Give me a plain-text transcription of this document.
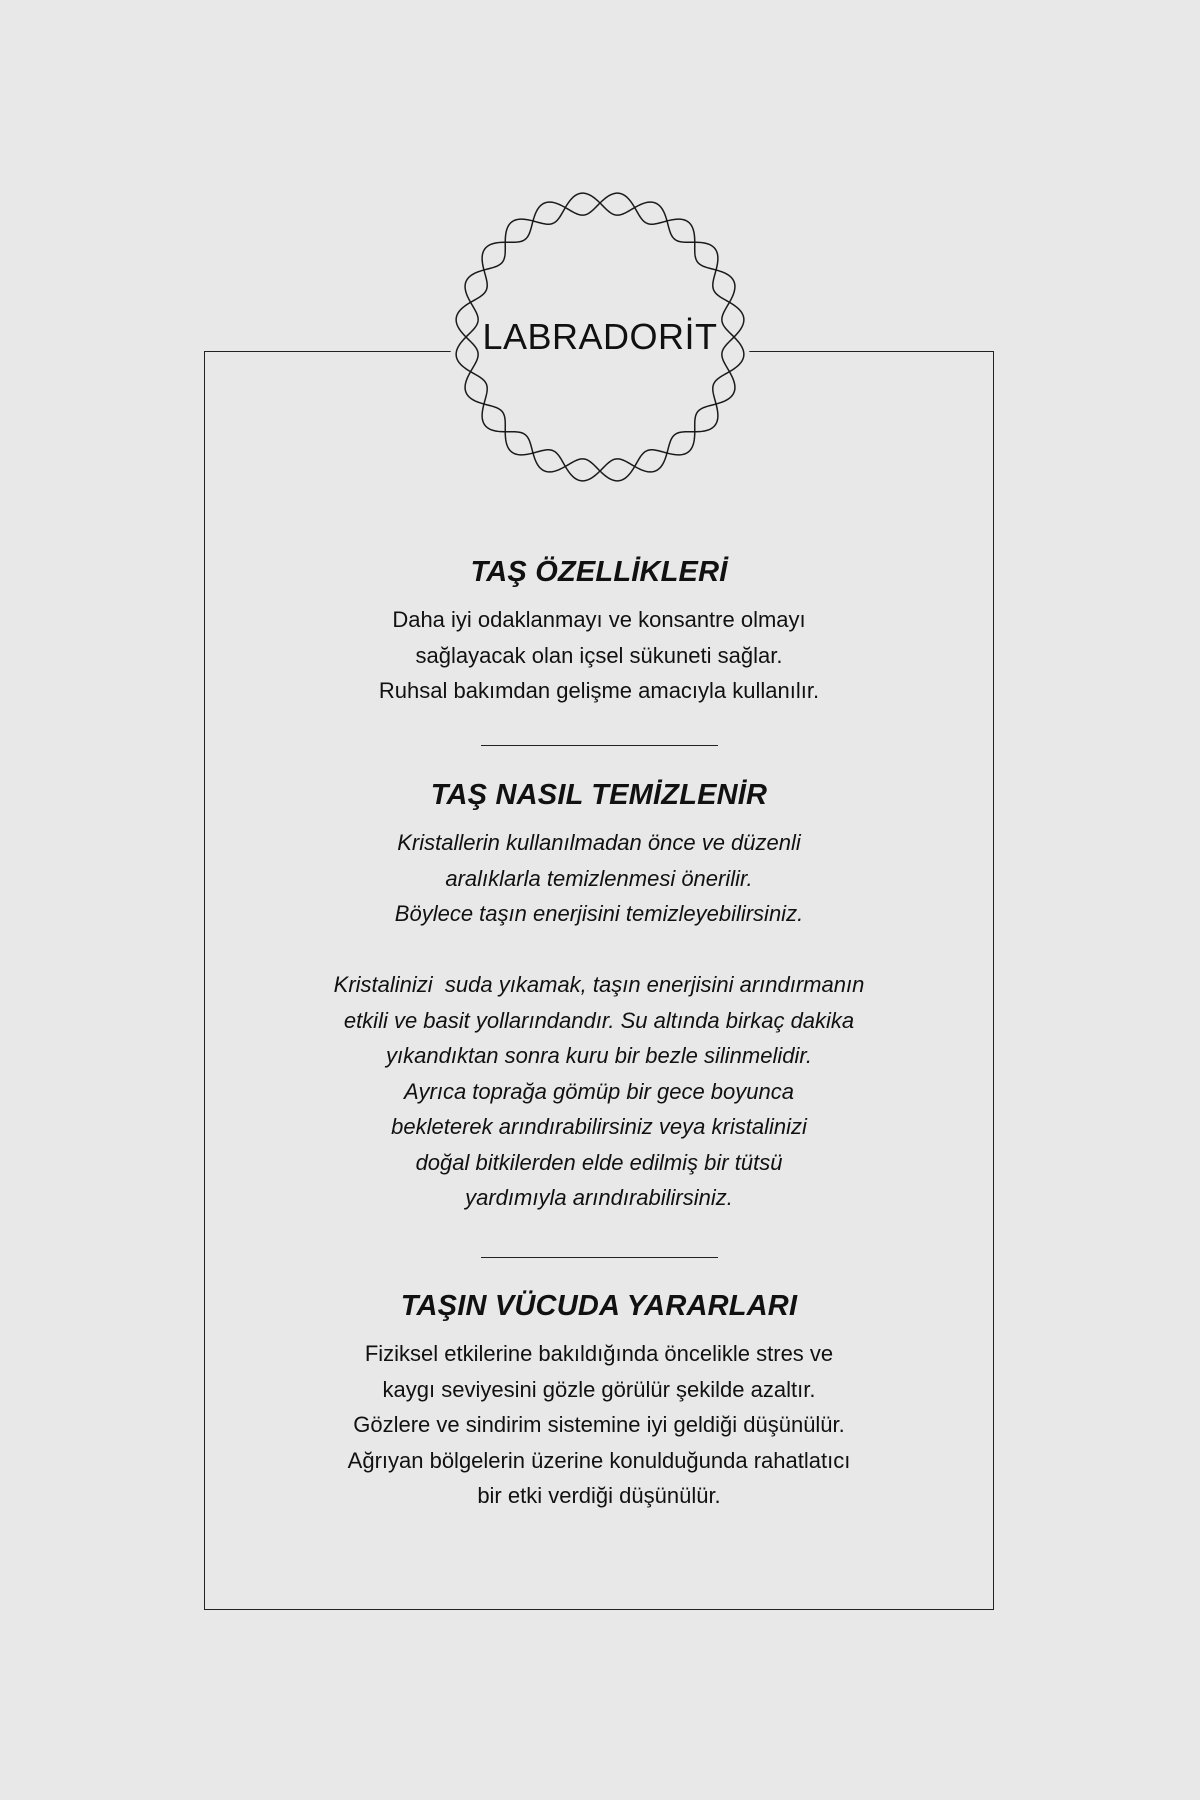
LABRADORİT
TAŞ ÖZELLİKLERİ

Daha iyi odaklanmayı ve konsantre olmayı
sağlayacak olan içsel sükuneti sağlar.
Ruhsal bakımdan gelişme amacıyla kullanılır.

TAŞ NASIL TEMİZLENİR

Kristallerin kullanılmadan önce ve düzenli
aralıklarla temizlenmesi önerilir.
Böylece taşın enerjisini temizleyebilirsiniz.
Kristalinizi  suda yıkamak, taşın enerjisini arındırmanın
etkili ve basit yollarındandır. Su altında birkaç dakika
yıkandıktan sonra kuru bir bezle silinmelidir.
Ayrıca toprağa gömüp bir gece boyunca
bekleterek arındırabilirsiniz veya kristalinizi
doğal bitkilerden elde edilmiş bir tütsü
yardımıyla arındırabilirsiniz.

TAŞIN VÜCUDA YARARLARI

Fiziksel etkilerine bakıldığında öncelikle stres ve
kaygı seviyesini gözle görülür şekilde azaltır.
Gözlere ve sindirim sistemine iyi geldiği düşünülür.
Ağrıyan bölgelerin üzerine konulduğunda rahatlatıcı
bir etki verdiği düşünülür.
